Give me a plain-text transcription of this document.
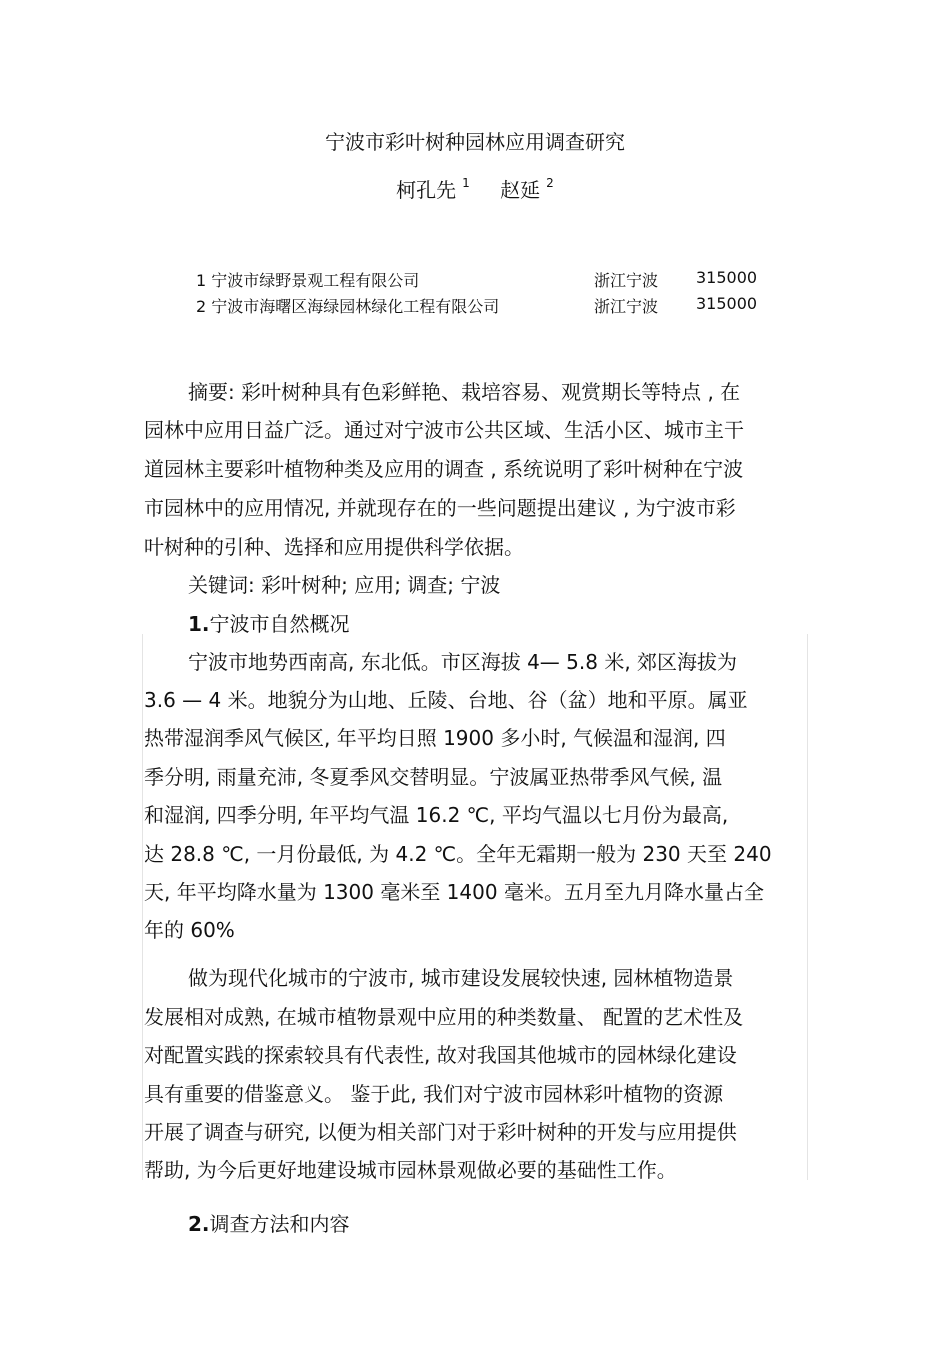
宁波市彩叶树种园林应用调查研究
柯孔先 $^1$ 赵延 $^2$
1 宁波市绿野景观工程有限公司	浙江宁波 315000
2 宁波市海曙区海绿园林绿化工程有限公司	浙江宁波 315000
摘要: 彩叶树种具有色彩鲜艳、栽培容易、观赏期长等特点 , 在
园林中应用日益广泛。通过对宁波市公共区域、生活小区、城市主干
道园林主要彩叶植物种类及应用的调查 , 系统说明了彩叶树种在宁波
市园林中的应用情况, 并就现存在的一些问题提出建议 , 为宁波市彩
叶树种的引种、选择和应用提供科学依据。
关键词: 彩叶树种; 应用; 调查; 宁波
1.宁波市自然概况
宁波市地势西南高, 东北低。市区海拔 4— 5.8 米, 郊区海拔为
3.6 — 4 米。地貌分为山地、丘陵、台地、谷（盆）地和平原。属亚
热带湿润季风气候区, 年平均日照 1900 多小时, 气候温和湿润, 四
季分明, 雨量充沛, 冬夏季风交替明显。宁波属亚热带季风气候, 温
和湿润, 四季分明, 年平均气温 16.2 ℃, 平均气温以七月份为最高,
达 28.8 ℃, 一月份最低, 为 4.2 ℃。全年无霜期一般为 230 天至 240
天, 年平均降水量为 1300 毫米至 1400 毫米。五月至九月降水量占全
年的 60%
做为现代化城市的宁波市, 城市建设发展较快速, 园林植物造景
发展相对成熟, 在城市植物景观中应用的种类数量、 配置的艺术性及
对配置实践的探索较具有代表性, 故对我国其他城市的园林绿化建设
具有重要的借鉴意义。 鉴于此, 我们对宁波市园林彩叶植物的资源
开展了调查与研究, 以便为相关部门对于彩叶树种的开发与应用提供
帮助, 为今后更好地建设城市园林景观做必要的基础性工作。
2.调查方法和内容
